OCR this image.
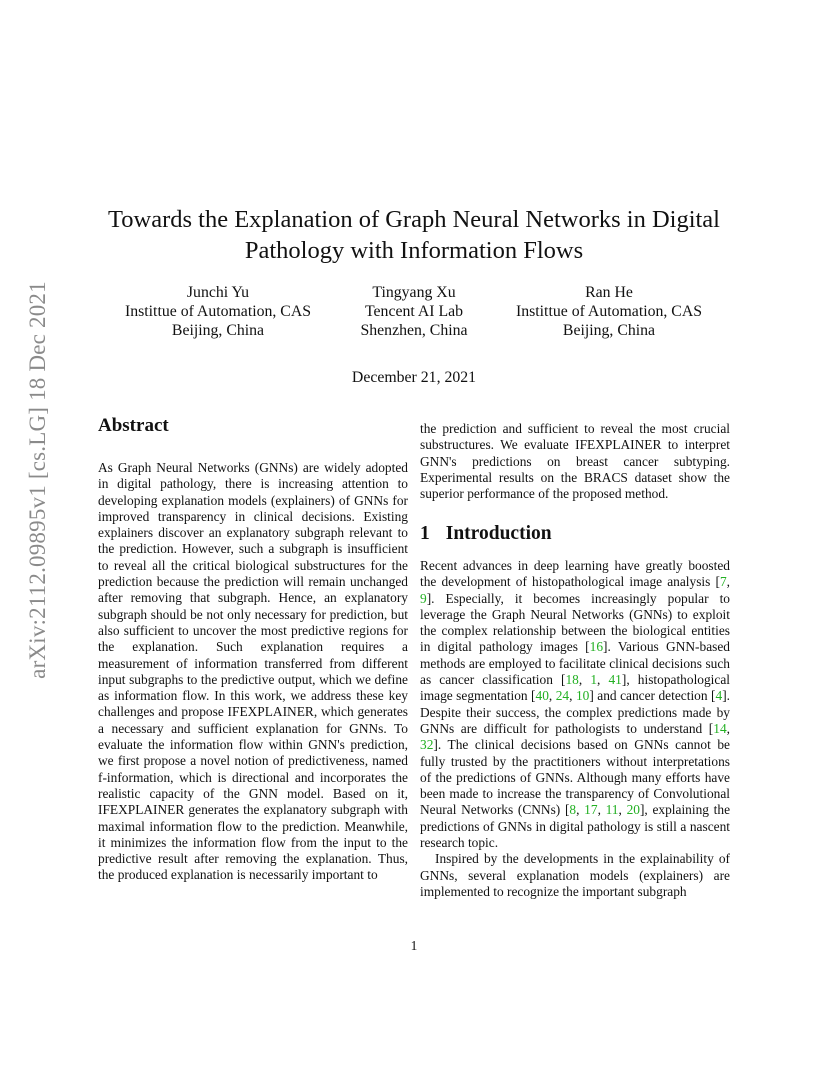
arXiv:2112.09895v1 [cs.LG] 18 Dec 2021
Towards the Explanation of Graph Neural Networks in Digital Pathology with Information Flows
Junchi Yu
Instittue of Automation, CAS
Beijing, China
Tingyang Xu
Tencent AI Lab
Shenzhen, China
Ran He
Instittue of Automation, CAS
Beijing, China
December 21, 2021
Abstract

As Graph Neural Networks (GNNs) are widely adopted in digital pathology, there is increasing attention to developing explanation models (explainers) of GNNs for improved transparency in clinical decisions. Existing explainers discover an explanatory subgraph relevant to the prediction. However, such a subgraph is insufficient to reveal all the critical biological substructures for the prediction because the prediction will remain unchanged after removing that subgraph. Hence, an explanatory subgraph should be not only necessary for prediction, but also sufficient to uncover the most predictive regions for the explanation. Such explanation requires a measurement of information transferred from different input subgraphs to the predictive output, which we define as information flow. In this work, we address these key challenges and propose IFEXPLAINER, which generates a necessary and sufficient explanation for GNNs. To evaluate the information flow within GNN's prediction, we first propose a novel notion of predictiveness, named f-information, which is directional and incorporates the realistic capacity of the GNN model. Based on it, IFEXPLAINER generates the explanatory subgraph with maximal information flow to the prediction. Meanwhile, it minimizes the information flow from the input to the predictive result after removing the explanation. Thus, the produced explanation is necessarily important to

the prediction and sufficient to reveal the most crucial substructures. We evaluate IFEXPLAINER to interpret GNN's predictions on breast cancer subtyping. Experimental results on the BRACS dataset show the superior performance of the proposed method.

1 Introduction

Recent advances in deep learning have greatly boosted the development of histopathological image analysis [7, 9]. Especially, it becomes increasingly popular to leverage the Graph Neural Networks (GNNs) to exploit the complex relationship between the biological entities in digital pathology images [16]. Various GNN-based methods are employed to facilitate clinical decisions such as cancer classification [18, 1, 41], histopathological image segmentation [40, 24, 10] and cancer detection [4]. Despite their success, the complex predictions made by GNNs are difficult for pathologists to understand [14, 32]. The clinical decisions based on GNNs cannot be fully trusted by the practitioners without interpretations of the predictions of GNNs. Although many efforts have been made to increase the transparency of Convolutional Neural Networks (CNNs) [8, 17, 11, 20], explaining the predictions of GNNs in digital pathology is still a nascent research topic.

Inspired by the developments in the explainability of GNNs, several explanation models (explainers) are implemented to recognize the important subgraph

1
